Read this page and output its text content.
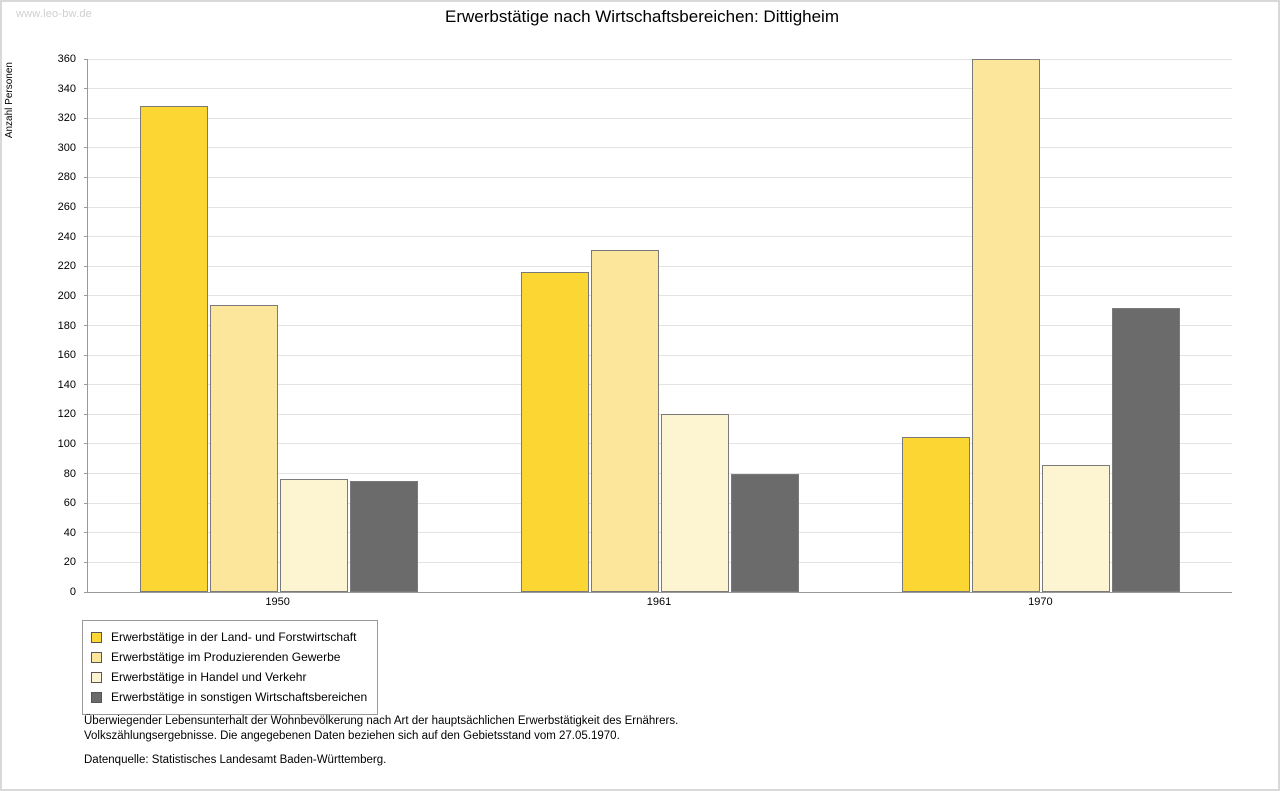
www.leo-bw.de	Erwerbstätige nach Wirtschaftsbereichen: Dittigheim
Anzahl Personen
0
20
40
60
80
100
120
140
160
180
200
220
240
260
280
300
320
340
360
1950	1961	1970
Erwerbstätige in der Land- und Forstwirtschaft
Erwerbstätige im Produzierenden Gewerbe
Erwerbstätige in Handel und Verkehr
Erwerbstätige in sonstigen Wirtschaftsbereichen
Überwiegender Lebensunterhalt der Wohnbevölkerung nach Art der hauptsächlichen Erwerbstätigkeit des Ernährers.
Volkszählungsergebnisse. Die angegebenen Daten beziehen sich auf den Gebietsstand vom 27.05.1970.
Datenquelle: Statistisches Landesamt Baden-Württemberg.
